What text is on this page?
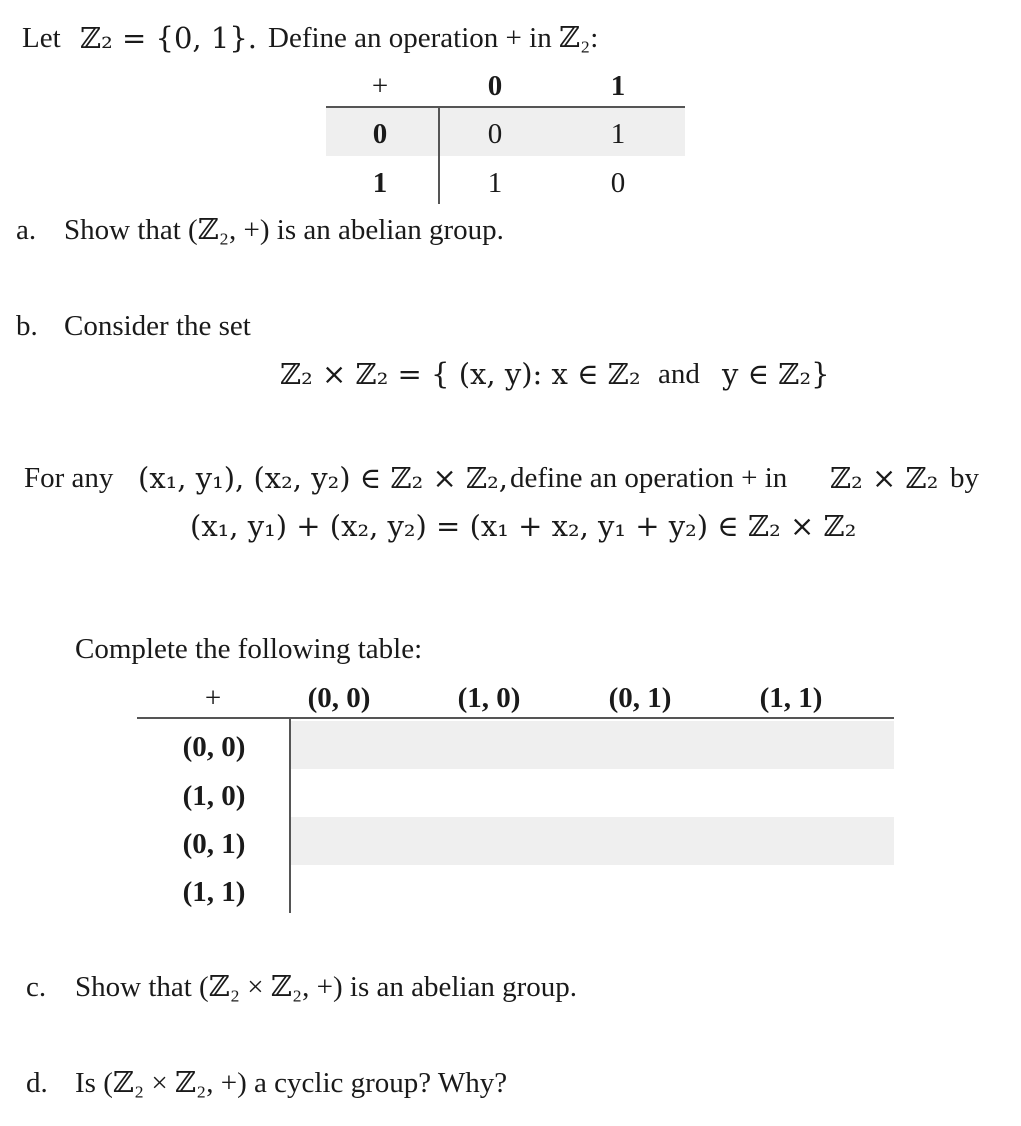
Let ℤ₂ = {0, 1}. Define an operation + in ℤ₂:
+	0	1
0	0	1
1	1	0
a. Show that (ℤ₂, +) is an abelian group.
b. Consider the set
ℤ₂ × ℤ₂ = { (x, y): x ∈ ℤ₂ and y ∈ ℤ₂}
For any (x₁, y₁), (x₂, y₂) ∈ ℤ₂ × ℤ₂, define an operation + in ℤ₂ × ℤ₂ by
(x₁, y₁) + (x₂, y₂) = (x₁ + x₂, y₁ + y₂) ∈ ℤ₂ × ℤ₂
Complete the following table:
+	(0, 0)	(1, 0)	(0, 1)	(1, 1)
(0, 0)
(1, 0)
(0, 1)
(1, 1)
c. Show that (ℤ₂ × ℤ₂, +) is an abelian group.
d. Is (ℤ₂ × ℤ₂, +) a cyclic group? Why?
